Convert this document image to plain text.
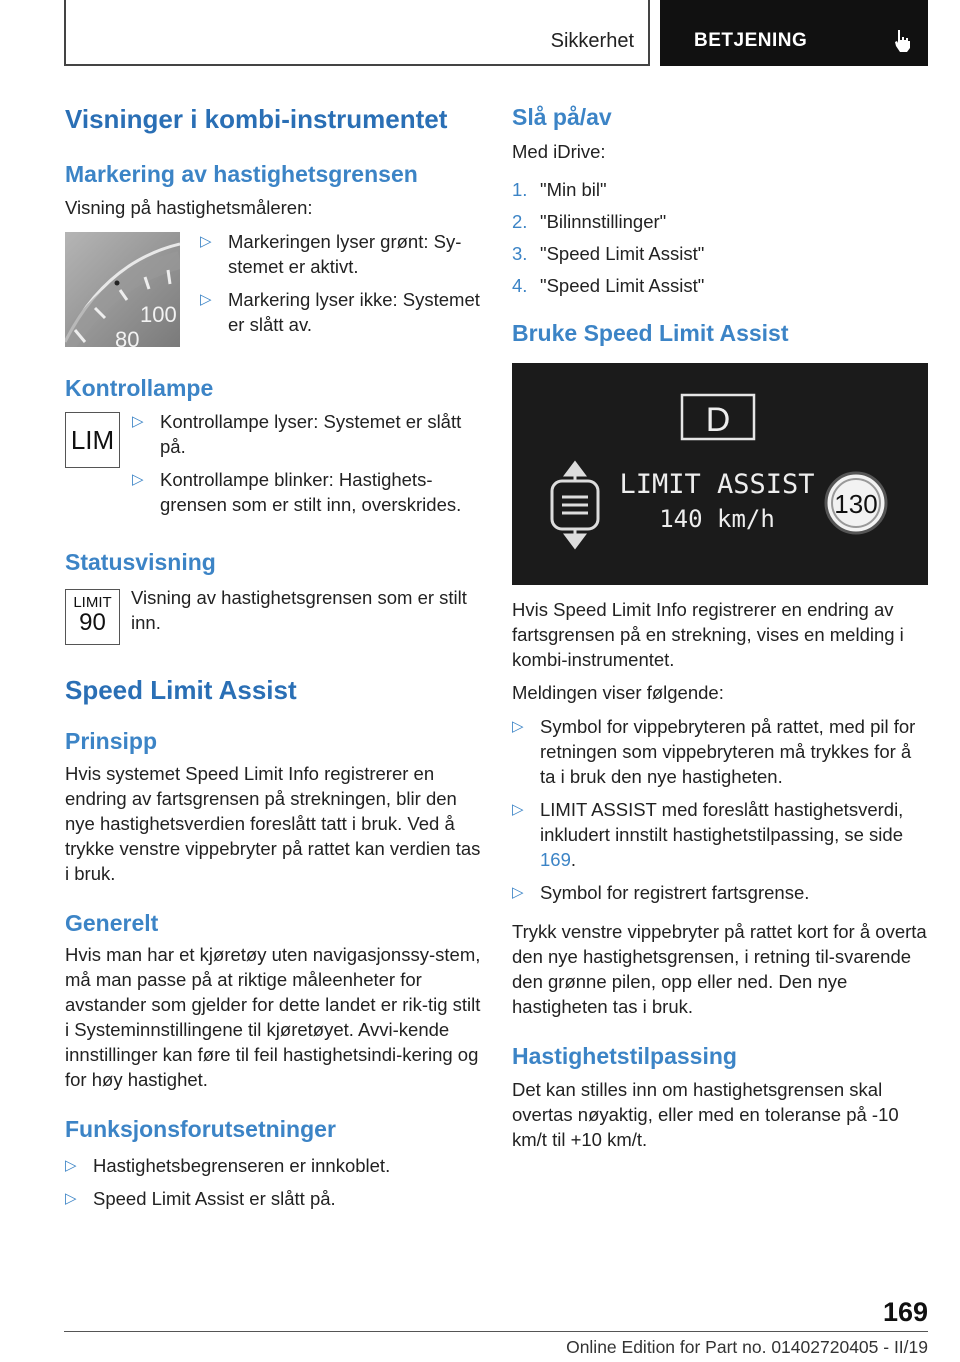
Sikkerhet	BETJENING
Visninger i kombi-instrumentet
Markering av hastighetsgrensen

Visning på hastighetsmåleren:

100
80
▷ Markeringen lyser grønt: Sy-stemet er aktivt.
▷ Markering lyser ikke: Systemet er slått av.
Kontrollampe
LIM
▷ Kontrollampe lyser: Systemet er slått på.
▷ Kontrollampe blinker: Hastighets-grensen som er stilt inn, overskrides.
Statusvisning
LIMIT
90

Visning av hastighetsgrensen som er stilt inn.

Speed Limit Assist
Prinsipp

Hvis systemet Speed Limit Info registrerer en endring av fartsgrensen på strekningen, blir den nye hastighetsverdien foreslått tatt i bruk. Ved å trykke venstre vippebryter på rattet kan verdien tas i bruk.

Generelt

Hvis man har et kjøretøy uten navigasjonssy-stem, må man passe på at riktige måleenheter for avstander som gjelder for dette landet er rik-tig stilt i Systeminnstillingene til kjøretøyet. Avvi-kende innstillinger kan føre til feil hastighetsindi-kering og for høy hastighet.

Funksjonsforutsetninger
▷ Hastighetsbegrenseren er innkoblet.
▷ Speed Limit Assist er slått på.
Slå på/av

Med iDrive:

1. "Min bil"
2. "Bilinnstillinger"
3. "Speed Limit Assist"
4. "Speed Limit Assist"
Bruke Speed Limit Assist
D
LIMIT ASSIST
140 km/h 130

Hvis Speed Limit Info registrerer en endring av fartsgrensen på en strekning, vises en melding i kombi-instrumentet.

Meldingen viser følgende:

▷ Symbol for vippebryteren på rattet, med pil for retningen som vippebryteren må trykkes for å ta i bruk den nye hastigheten.
▷ LIMIT ASSIST med foreslått hastighetsverdi, inkludert innstilt hastighetstilpassing, se side 169.
▷ Symbol for registrert fartsgrense.

Trykk venstre vippebryter på rattet kort for å overta den nye hastighetsgrensen, i retning til-svarende den grønne pilen, opp eller ned. Den nye hastigheten tas i bruk.

Hastighetstilpassing

Det kan stilles inn om hastighetsgrensen skal overtas nøyaktig, eller med en toleranse på -10 km/t til +10 km/t.

169
Online Edition for Part no. 01402720405 - II/19
